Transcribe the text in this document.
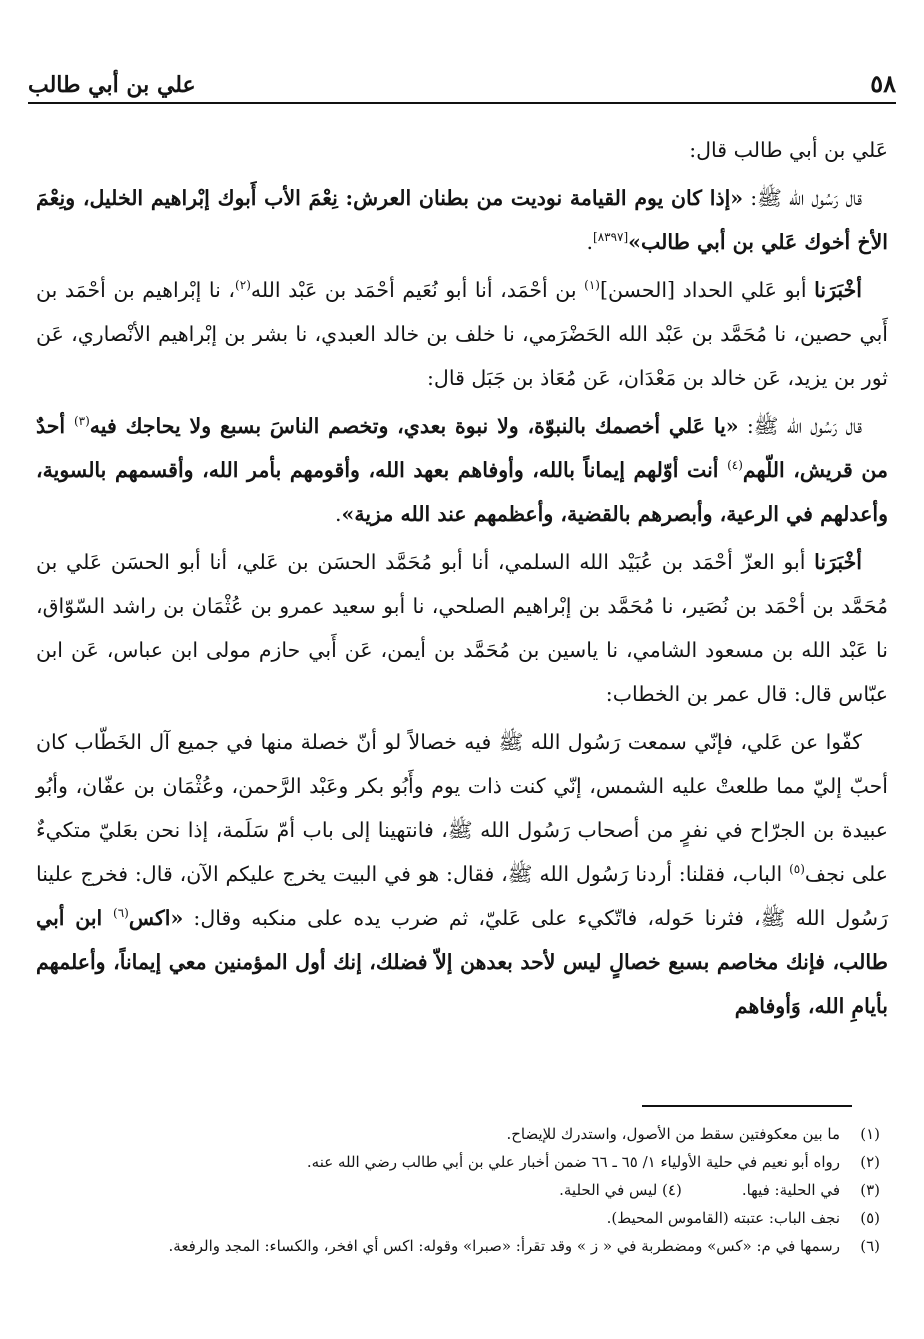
٥٨
علي بن أبي طالب

عَلي بن أبي طالب قال:

قال رَسُول الله ﷺ: «إذا كان يوم القيامة نوديت من بطنان العرش: نِعْمَ الأب أَبوك إبْراهيم الخليل، ونِعْمَ الأخ أخوك عَلي بن أبي طالب»[٨٣٩٧].

أخْبَرَنا أبو عَلي الحداد [الحسن]$^{(١)}$ بن أحْمَد، أنا أبو نُعَيم أحْمَد بن عَبْد الله$^{(٢)}$، نا إبْراهيم بن أحْمَد بن أَبي حصين، نا مُحَمَّد بن عَبْد الله الحَضْرَمي، نا خلف بن خالد العبدي، نا بشر بن إبْراهيم الأنْصاري، عَن ثور بن يزيد، عَن خالد بن مَعْدَان، عَن مُعَاذ بن جَبَل قال:

قال رَسُول الله ﷺ: «يا عَلي أخصمك بالنبوّة، ولا نبوة بعدي، وتخصم الناسَ بسبع ولا يحاجك فيه$^{(٣)}$ أحدٌ من قريش، اللّهم$^{(٤)}$ أنت أوّلهم إيماناً بالله، وأوفاهم بعهد الله، وأقومهم بأمر الله، وأقسمهم بالسوية، وأعدلهم في الرعية، وأبصرهم بالقضية، وأعظمهم عند الله مزية».

أخْبَرَنا أبو العزّ أحْمَد بن عُبَيْد الله السلمي، أنا أبو مُحَمَّد الحسَن بن عَلي، أنا أبو الحسَن عَلي بن مُحَمَّد بن أحْمَد بن نُصَير، نا مُحَمَّد بن إبْراهيم الصلحي، نا أبو سعيد عمرو بن عُثْمَان بن راشد السّوّاق، نا عَبْد الله بن مسعود الشامي، نا ياسين بن مُحَمَّد بن أيمن، عَن أَبي حازم مولى ابن عباس، عَن ابن عبّاس قال: قال عمر بن الخطاب:

كفّوا عن عَلي، فإنّي سمعت رَسُول الله ﷺ فيه خصالاً لو أنّ خصلة منها في جميع آل الخَطّاب كان أحبّ إليّ مما طلعتْ عليه الشمس، إنّي كنت ذات يوم وأَبُو بكر وعَبْد الرَّحمن، وعُثْمَان بن عفّان، وأبُو عبيدة بن الجرّاح في نفرٍ من أصحاب رَسُول الله ﷺ، فانتهينا إلى باب أمّ سَلَمة، إذا نحن بعَليّ متكيءٌ على نجف$^{(٥)}$ الباب، فقلنا: أردنا رَسُول الله ﷺ، فقال: هو في البيت يخرج عليكم الآن، قال: فخرج علينا رَسُول الله ﷺ، فثرنا حَوله، فاتّكيء على عَليّ، ثم ضرب يده على منكبه وقال: «اكس$^{(٦)}$ ابن أبي طالب، فإنك مخاصم بسبع خصالٍ ليس لأحد بعدهن إلاّ فضلك، إنك أول المؤمنين معي إيماناً، وأعلمهم بأيامِ الله، وَأوفاهم

(١)
ما بين معكوفتين سقط من الأصول، واستدرك للإيضاح.
(٢)
رواه أبو نعيم في حلية الأولياء ١/ ٦٥ ـ ٦٦ ضمن أخبار علي بن أبي طالب رضي الله عنه.
(٣)
في الحلية: فيها.
(٤) ليس في الحلية.
(٥)
نجف الباب: عتبته (القاموس المحيط).
(٦)
رسمها في م: «كس» ومضطربة في « ز » وقد تقرأ: «صبرا» وقوله: اكس أي افخر، والكساء: المجد والرفعة.
